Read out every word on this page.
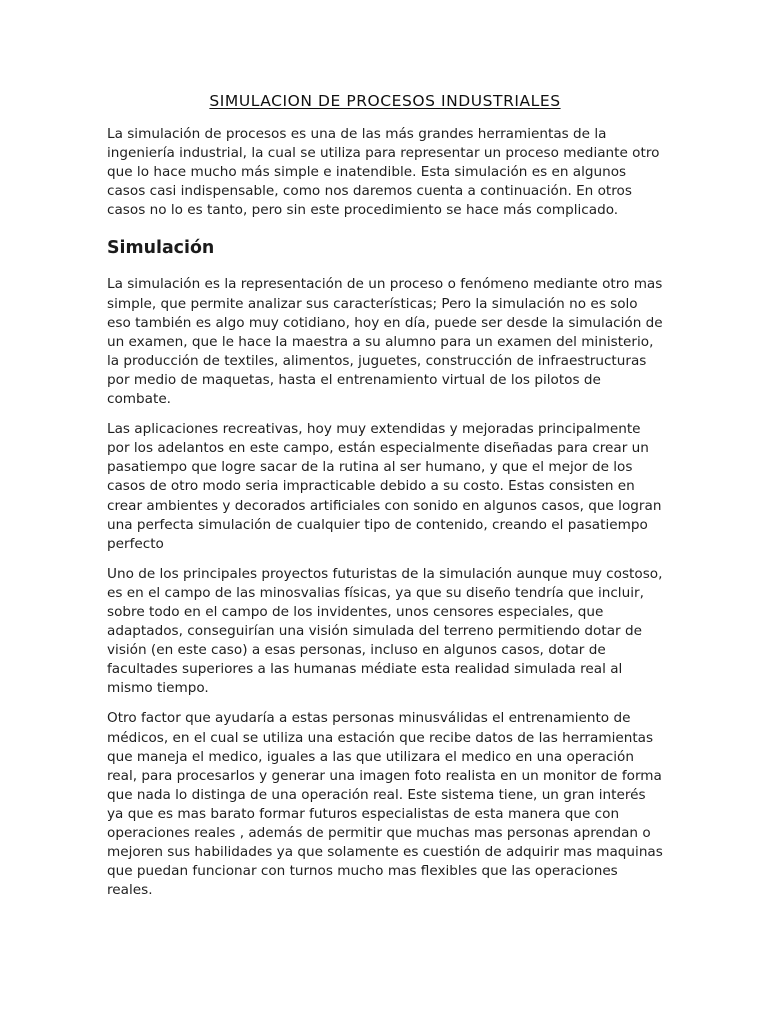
SIMULACION DE PROCESOS INDUSTRIALES

La simulación de procesos es una de las más grandes herramientas de la ingeniería industrial, la cual se utiliza para representar un proceso mediante otro que lo hace mucho más simple e inatendible. Esta simulación es en algunos casos casi indispensable, como nos daremos cuenta a continuación. En otros casos no lo es tanto, pero sin este procedimiento se hace más complicado.

Simulación

La simulación es la representación de un proceso o fenómeno mediante otro mas simple, que permite analizar sus características; Pero la simulación no es solo eso también es algo muy cotidiano, hoy en día, puede ser desde la simulación de un examen, que le hace la maestra a su alumno para un examen del ministerio, la producción de textiles, alimentos, juguetes, construcción de infraestructuras por medio de maquetas, hasta el entrenamiento virtual de los pilotos de combate.

Las aplicaciones recreativas, hoy muy extendidas y mejoradas principalmente por los adelantos en este campo, están especialmente diseñadas para crear un pasatiempo que logre sacar de la rutina al ser humano, y que el mejor de los casos de otro modo seria impracticable debido a su costo. Estas consisten en crear ambientes y decorados artificiales con sonido en algunos casos, que logran una perfecta simulación de cualquier tipo de contenido, creando el pasatiempo perfecto

Uno de los principales proyectos futuristas de la simulación aunque muy costoso, es en el campo de las minosvalias físicas, ya que su diseño tendría que incluir, sobre todo en el campo de los invidentes, unos censores especiales, que adaptados, conseguirían una visión simulada del terreno permitiendo dotar de visión (en este caso) a esas personas, incluso en algunos casos, dotar de facultades superiores a las humanas médiate esta realidad simulada real al mismo tiempo.

Otro factor que ayudaría a estas personas minusválidas el entrenamiento de médicos, en el cual se utiliza una estación que recibe datos de las herramientas que maneja el medico, iguales a las que utilizara el medico en una operación real, para procesarlos y generar una imagen foto realista en un monitor de forma que nada lo distinga de una operación real. Este sistema tiene, un gran interés ya que es mas barato formar futuros especialistas de esta manera que con operaciones reales , además de permitir que muchas mas personas aprendan o mejoren sus habilidades ya que solamente es cuestión de adquirir mas maquinas que puedan funcionar con turnos mucho mas flexibles que las operaciones reales.
